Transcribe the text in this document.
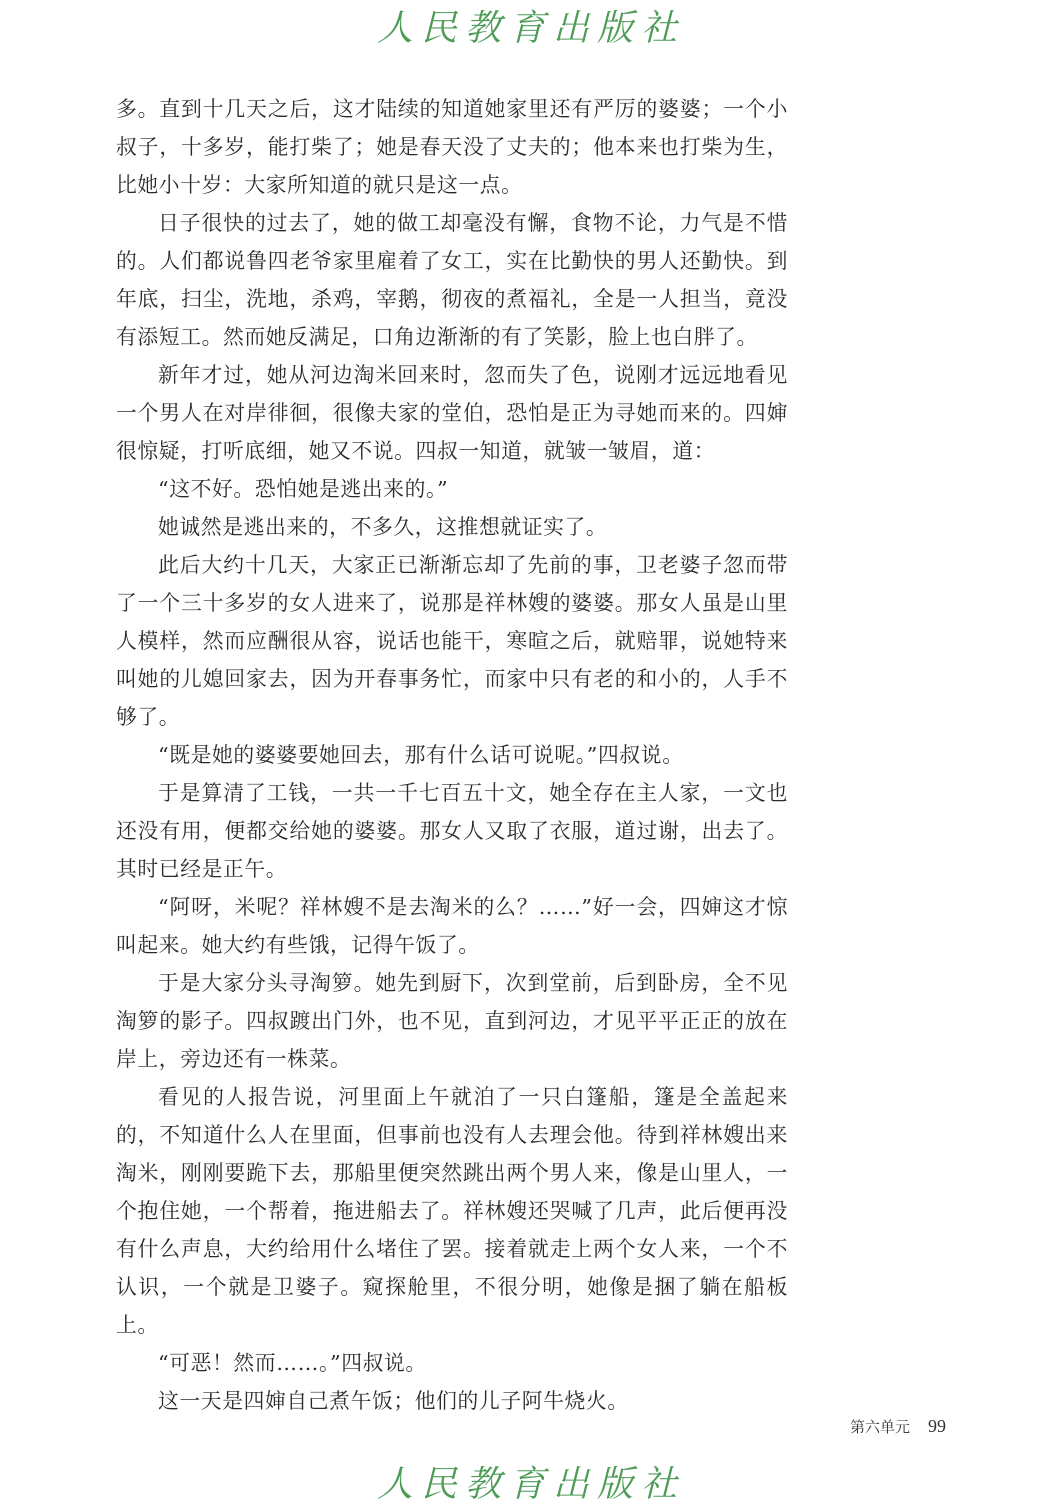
人民教育出版社

多。直到十几天之后，这才陆续的知道她家里还有严厉的婆婆；一个小叔子，十多岁，能打柴了；她是春天没了丈夫的；他本来也打柴为生，比她小十岁：大家所知道的就只是这一点。

日子很快的过去了，她的做工却毫没有懈，食物不论，力气是不惜的。人们都说鲁四老爷家里雇着了女工，实在比勤快的男人还勤快。到年底，扫尘，洗地，杀鸡，宰鹅，彻夜的煮福礼，全是一人担当，竟没有添短工。然而她反满足，口角边渐渐的有了笑影，脸上也白胖了。

新年才过，她从河边淘米回来时，忽而失了色，说刚才远远地看见一个男人在对岸徘徊，很像夫家的堂伯，恐怕是正为寻她而来的。四婶很惊疑，打听底细，她又不说。四叔一知道，就皱一皱眉，道：

“这不好。恐怕她是逃出来的。”

她诚然是逃出来的，不多久，这推想就证实了。

此后大约十几天，大家正已渐渐忘却了先前的事，卫老婆子忽而带了一个三十多岁的女人进来了，说那是祥林嫂的婆婆。那女人虽是山里人模样，然而应酬很从容，说话也能干，寒暄之后，就赔罪，说她特来叫她的儿媳回家去，因为开春事务忙，而家中只有老的和小的，人手不够了。

“既是她的婆婆要她回去，那有什么话可说呢。”四叔说。

于是算清了工钱，一共一千七百五十文，她全存在主人家，一文也还没有用，便都交给她的婆婆。那女人又取了衣服，道过谢，出去了。其时已经是正午。

“阿呀，米呢？祥林嫂不是去淘米的么？……”好一会，四婶这才惊叫起来。她大约有些饿，记得午饭了。

于是大家分头寻淘箩。她先到厨下，次到堂前，后到卧房，全不见淘箩的影子。四叔踱出门外，也不见，直到河边，才见平平正正的放在岸上，旁边还有一株菜。

看见的人报告说，河里面上午就泊了一只白篷船，篷是全盖起来的，不知道什么人在里面，但事前也没有人去理会他。待到祥林嫂出来淘米，刚刚要跪下去，那船里便突然跳出两个男人来，像是山里人，一个抱住她，一个帮着，拖进船去了。祥林嫂还哭喊了几声，此后便再没有什么声息，大约给用什么堵住了罢。接着就走上两个女人来，一个不认识，一个就是卫婆子。窥探舱里，不很分明，她像是捆了躺在船板上。

“可恶！然而……。”四叔说。

这一天是四婶自己煮午饭；他们的儿子阿牛烧火。

第六单元 99
人民教育出版社
